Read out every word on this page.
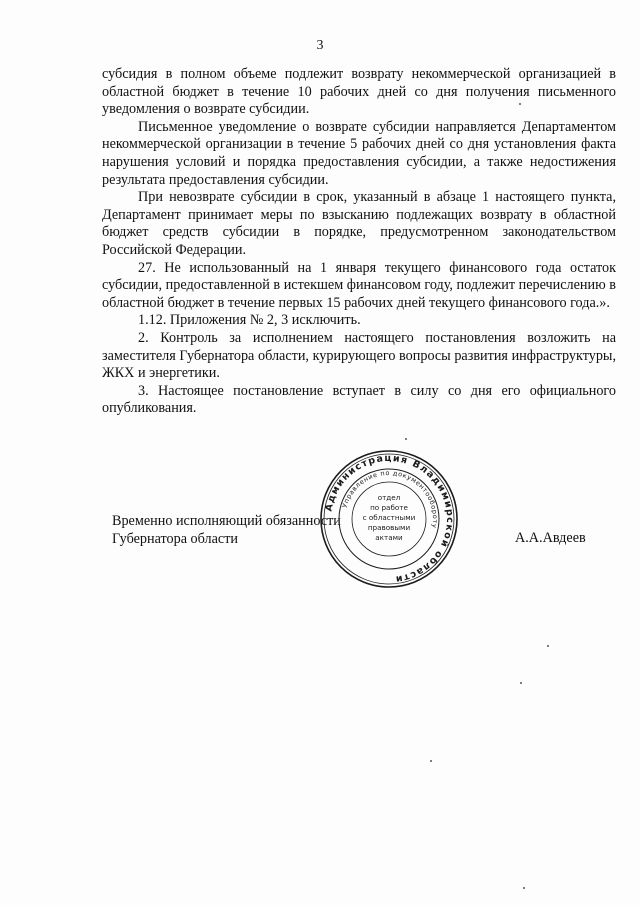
3

субсидия в полном объеме подлежит возврату некоммерческой организацией в областной бюджет в течение 10 рабочих дней со дня получения письменного уведомления о возврате субсидии.

Письменное уведомление о возврате субсидии направляется Департаментом некоммерческой организации в течение 5 рабочих дней со дня установления факта нарушения условий и порядка предоставления субсидии, а также недостижения результата предоставления субсидии.

При невозврате субсидии в срок, указанный в абзаце 1 настоящего пункта, Департамент принимает меры по взысканию подлежащих возврату в областной бюджет средств субсидии в порядке, предусмотренном законодательством Российской Федерации.

27. Не использованный на 1 января текущего финансового года остаток субсидии, предоставленной в истекшем финансовом году, подлежит перечислению в областной бюджет в течение первых 15 рабочих дней текущего финансового года.».

1.12. Приложения № 2, 3 исключить.

2. Контроль за исполнением настоящего постановления возложить на заместителя Губернатора области, курирующего вопросы развития инфраструктуры, ЖКХ и энергетики.

3. Настоящее постановление вступает в силу со дня его официального опубликования.

Временно исполняющий обязанности
Губернатора области	А.А.Авдеев
Администрация Владимирской области
Управление по документообороту
отдел
по работе
с областными
правовыми
актами
